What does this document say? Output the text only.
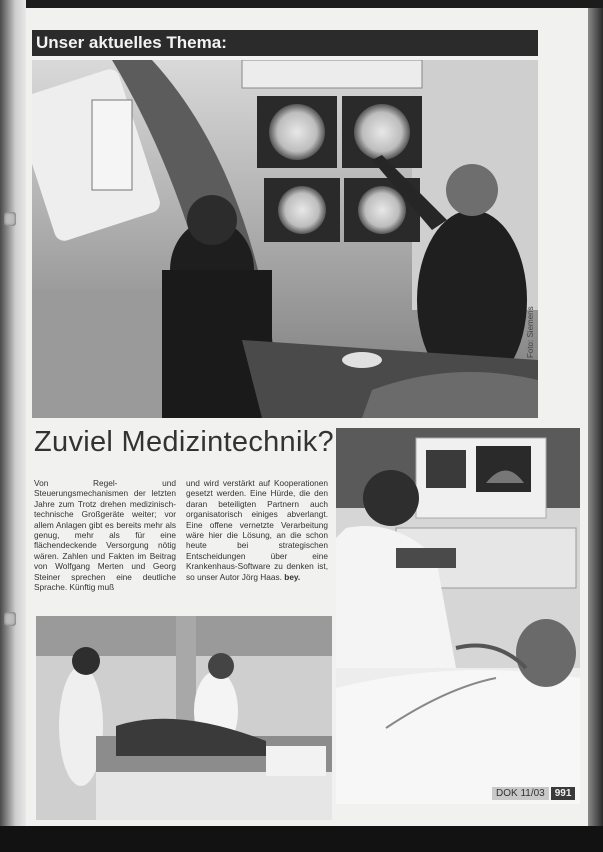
Unser aktuelles Thema:
Foto: Siemens
Zuviel Medizintechnik?
Von Regel- und Steuerungsmechanismen der letzten Jahre zum Trotz drehen medizinisch-technische Großgeräte weiter; vor allem Anlagen gibt es bereits mehr als genug, mehr als für eine flächendeckende Versorgung nötig wären. Zahlen und Fakten im Beitrag von Wolfgang Merten und Georg Steiner sprechen eine deutliche Sprache. Künftig muß
und wird verstärkt auf Kooperationen gesetzt werden. Eine Hürde, die den daran beteiligten Partnern auch organisatorisch einiges abverlangt. Eine offene vernetzte Verarbeitung wäre hier die Lösung, an die schon heute bei strategischen Entscheidungen über eine Krankenhaus-Software zu denken ist, so unser Autor Jörg Haas. bey.
DOK 11/03	991
